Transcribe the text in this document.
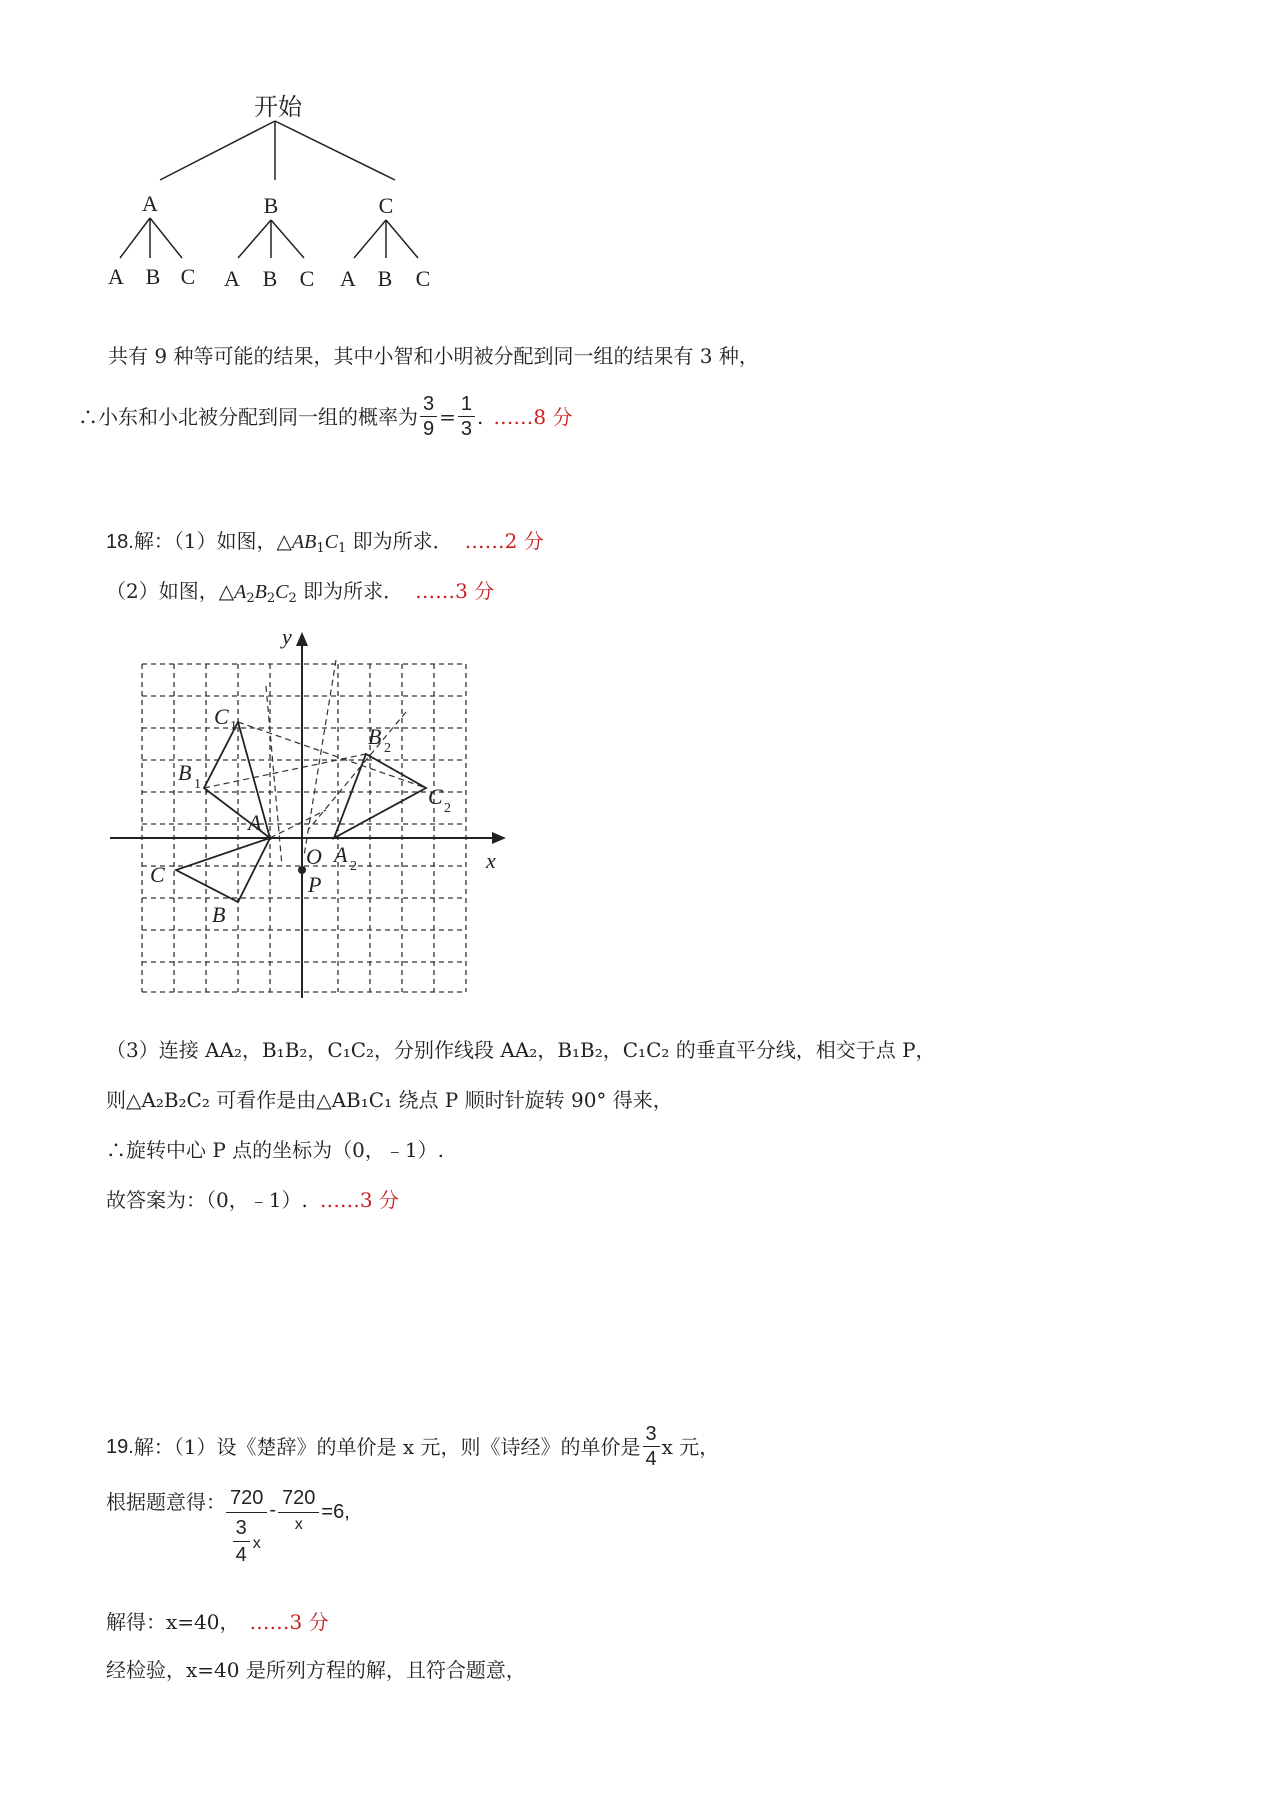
开始
A	B	C
A B C A B C A B C
共有 9 种等可能的结果，其中小智和小明被分配到同一组的结果有 3 种，
∴小东和小北被分配到同一组的概率为 $\frac{3}{9} = \frac{1}{3}$ . ……8 分
18.解：（1）如图，$\triangle AB_1C_1$ 即为所求． ……2 分
（2）如图，$\triangle A_2B_2C_2$ 即为所求． ……3 分
y
x
O
C 1
B 1
A
B 2
C 2
A 2
C
B
P
（3）连接 AA₂，B₁B₂，C₁C₂，分别作线段 AA₂，B₁B₂，C₁C₂ 的垂直平分线，相交于点 P，
则△A₂B₂C₂ 可看作是由△AB₁C₁ 绕点 P 顺时针旋转 90° 得来，
∴旋转中心 P 点的坐标为（0，﹣1）.
故答案为：（0，﹣1）. ……3 分
19. 解：（1）设《楚辞》的单价是 x 元，则《诗经》的单价是 $\frac{3}{4}$ x 元，
根据题意得： $\frac{720}{\frac{3}{4} x}$ -
720
x
=6,
解得：x=40， ……3 分
经检验，x=40 是所列方程的解，且符合题意，
